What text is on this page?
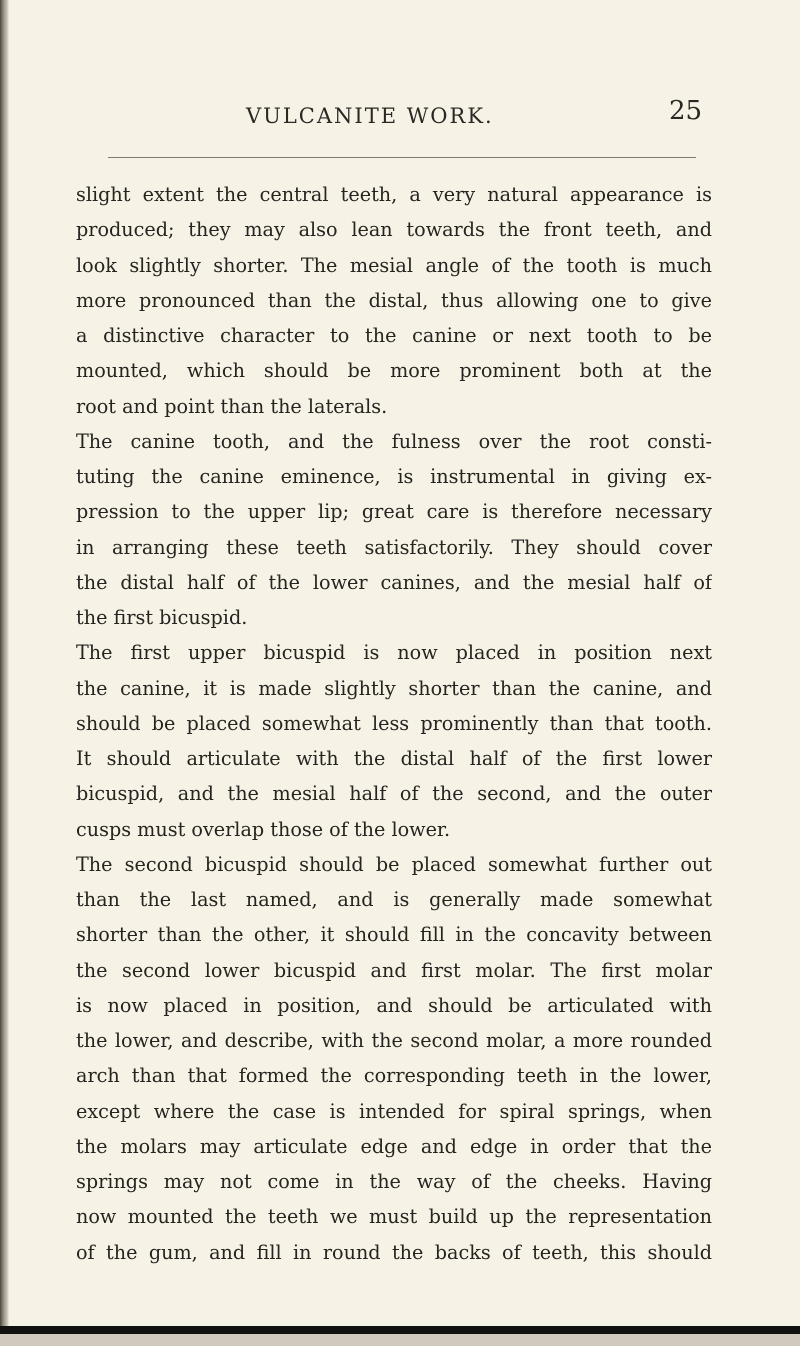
VULCANITE WORK.	25
slight extent the central teeth, a very natural appearance is
produced; they may also lean towards the front teeth, and
look slightly shorter. The mesial angle of the tooth is much
more pronounced than the distal, thus allowing one to give
a distinctive character to the canine or next tooth to be
mounted, which should be more prominent both at the
root and point than the laterals.
The canine tooth, and the fulness over the root consti-
tuting the canine eminence, is instrumental in giving ex-
pression to the upper lip; great care is therefore necessary
in arranging these teeth satisfactorily. They should cover
the distal half of the lower canines, and the mesial half of
the first bicuspid.
The first upper bicuspid is now placed in position next
the canine, it is made slightly shorter than the canine, and
should be placed somewhat less prominently than that tooth.
It should articulate with the distal half of the first lower
bicuspid, and the mesial half of the second, and the outer
cusps must overlap those of the lower.
The second bicuspid should be placed somewhat further out
than the last named, and is generally made somewhat
shorter than the other, it should fill in the concavity between
the second lower bicuspid and first molar. The first molar
is now placed in position, and should be articulated with
the lower, and describe, with the second molar, a more rounded
arch than that formed the corresponding teeth in the lower,
except where the case is intended for spiral springs, when
the molars may articulate edge and edge in order that the
springs may not come in the way of the cheeks. Having
now mounted the teeth we must build up the representation
of the gum, and fill in round the backs of teeth, this should
